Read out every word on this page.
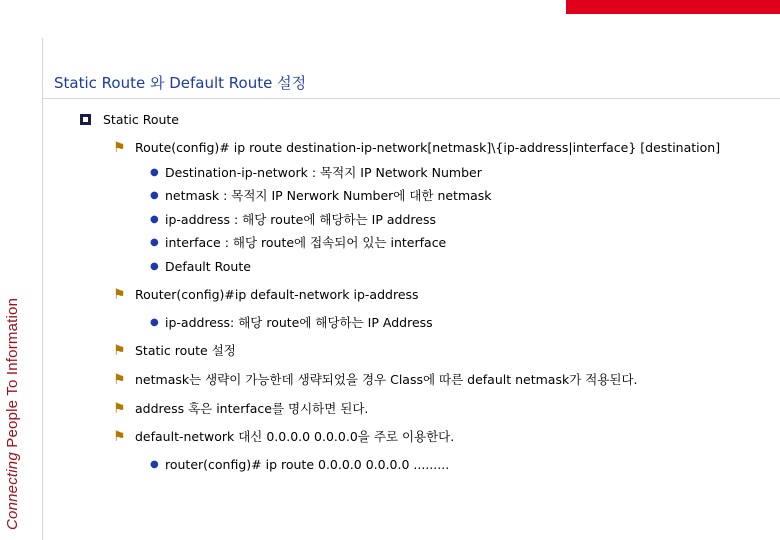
Connecting People To Information
Static Route 와 Default Route 설정
Static Route
⚑ Route(config)# ip route destination-ip-network[netmask]\{ip-address|interface} [destination]
● Destination-ip-network : 목적지 IP Network Number
● netmask : 목적지 IP Nerwork Number에 대한 netmask
● ip-address : 해당 route에 해당하는 IP address
● interface : 해당 route에 접속되어 있는 interface
● Default Route
⚑ Router(config)#ip default-network ip-address
● ip-address: 해당 route에 해당하는 IP Address
⚑ Static route 설정
⚑ netmask는 생략이 가능한데 생략되었을 경우 Class에 따른 default netmask가 적용된다.
⚑ address 혹은 interface를 명시하면 된다.
⚑ default-network 대신 0.0.0.0 0.0.0.0을 주로 이용한다.
● router(config)# ip route 0.0.0.0 0.0.0.0 .........
